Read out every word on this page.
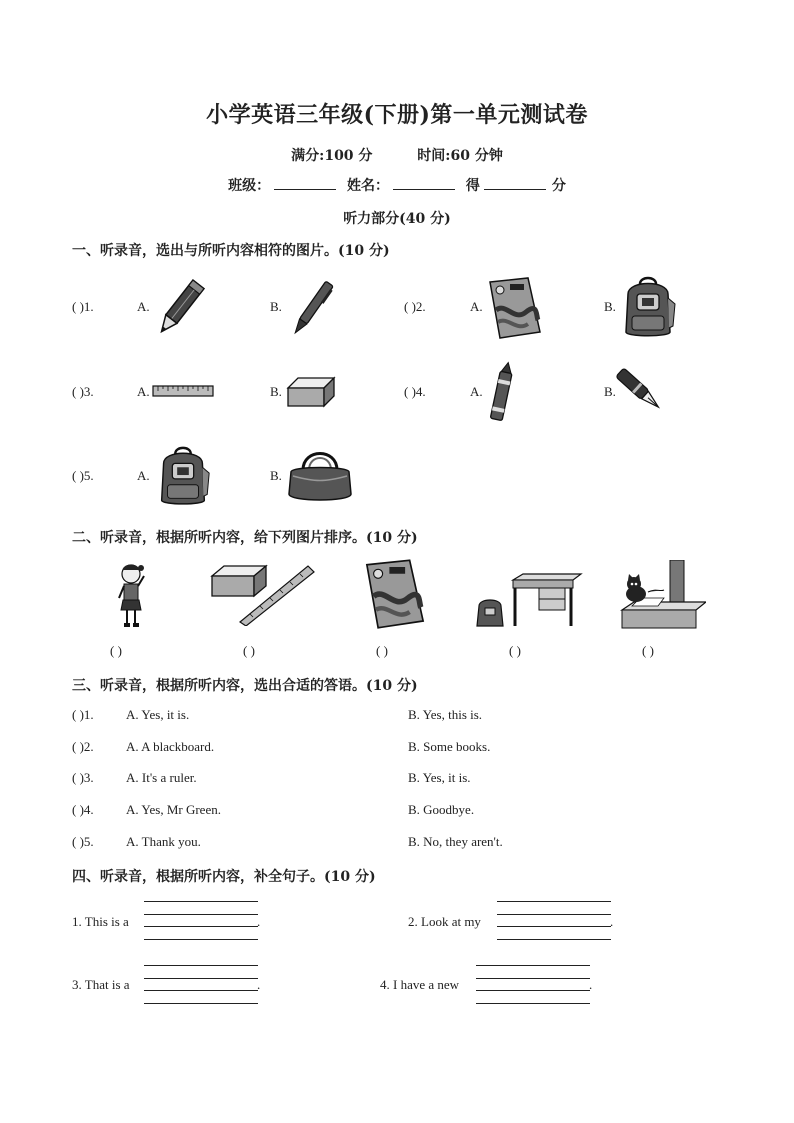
小学英语三年级(下册)第一单元测试卷
满分:100 分	时间:60 分钟
班级：	姓名：	得	分
听力部分(40 分)
一、听录音，选出与所听内容相符的图片。(10 分)
( )1.	A.	B.	( )2.	A.	B.
( )3.	A.	B.	( )4.	A.	B.
( )5.	A.	B.
二、听录音，根据所听内容，给下列图片排序。(10 分)
( )	( )	( )	( )	( )
三、听录音，根据所听内容，选出合适的答语。(10 分)
( )1. A. Yes, it is.	B. Yes, this is.
( )2. A. A blackboard.	B. Some books.
( )3. A. It's a ruler.	B. Yes, it is.
( )4. A. Yes, Mr Green.	B. Goodbye.
( )5. A. Thank you.	B. No, they aren't.
四、听录音，根据所听内容，补全句子。(10 分)
1. This is a	.	2. Look at my	.
3. That is a	.	4. I have a new	.
